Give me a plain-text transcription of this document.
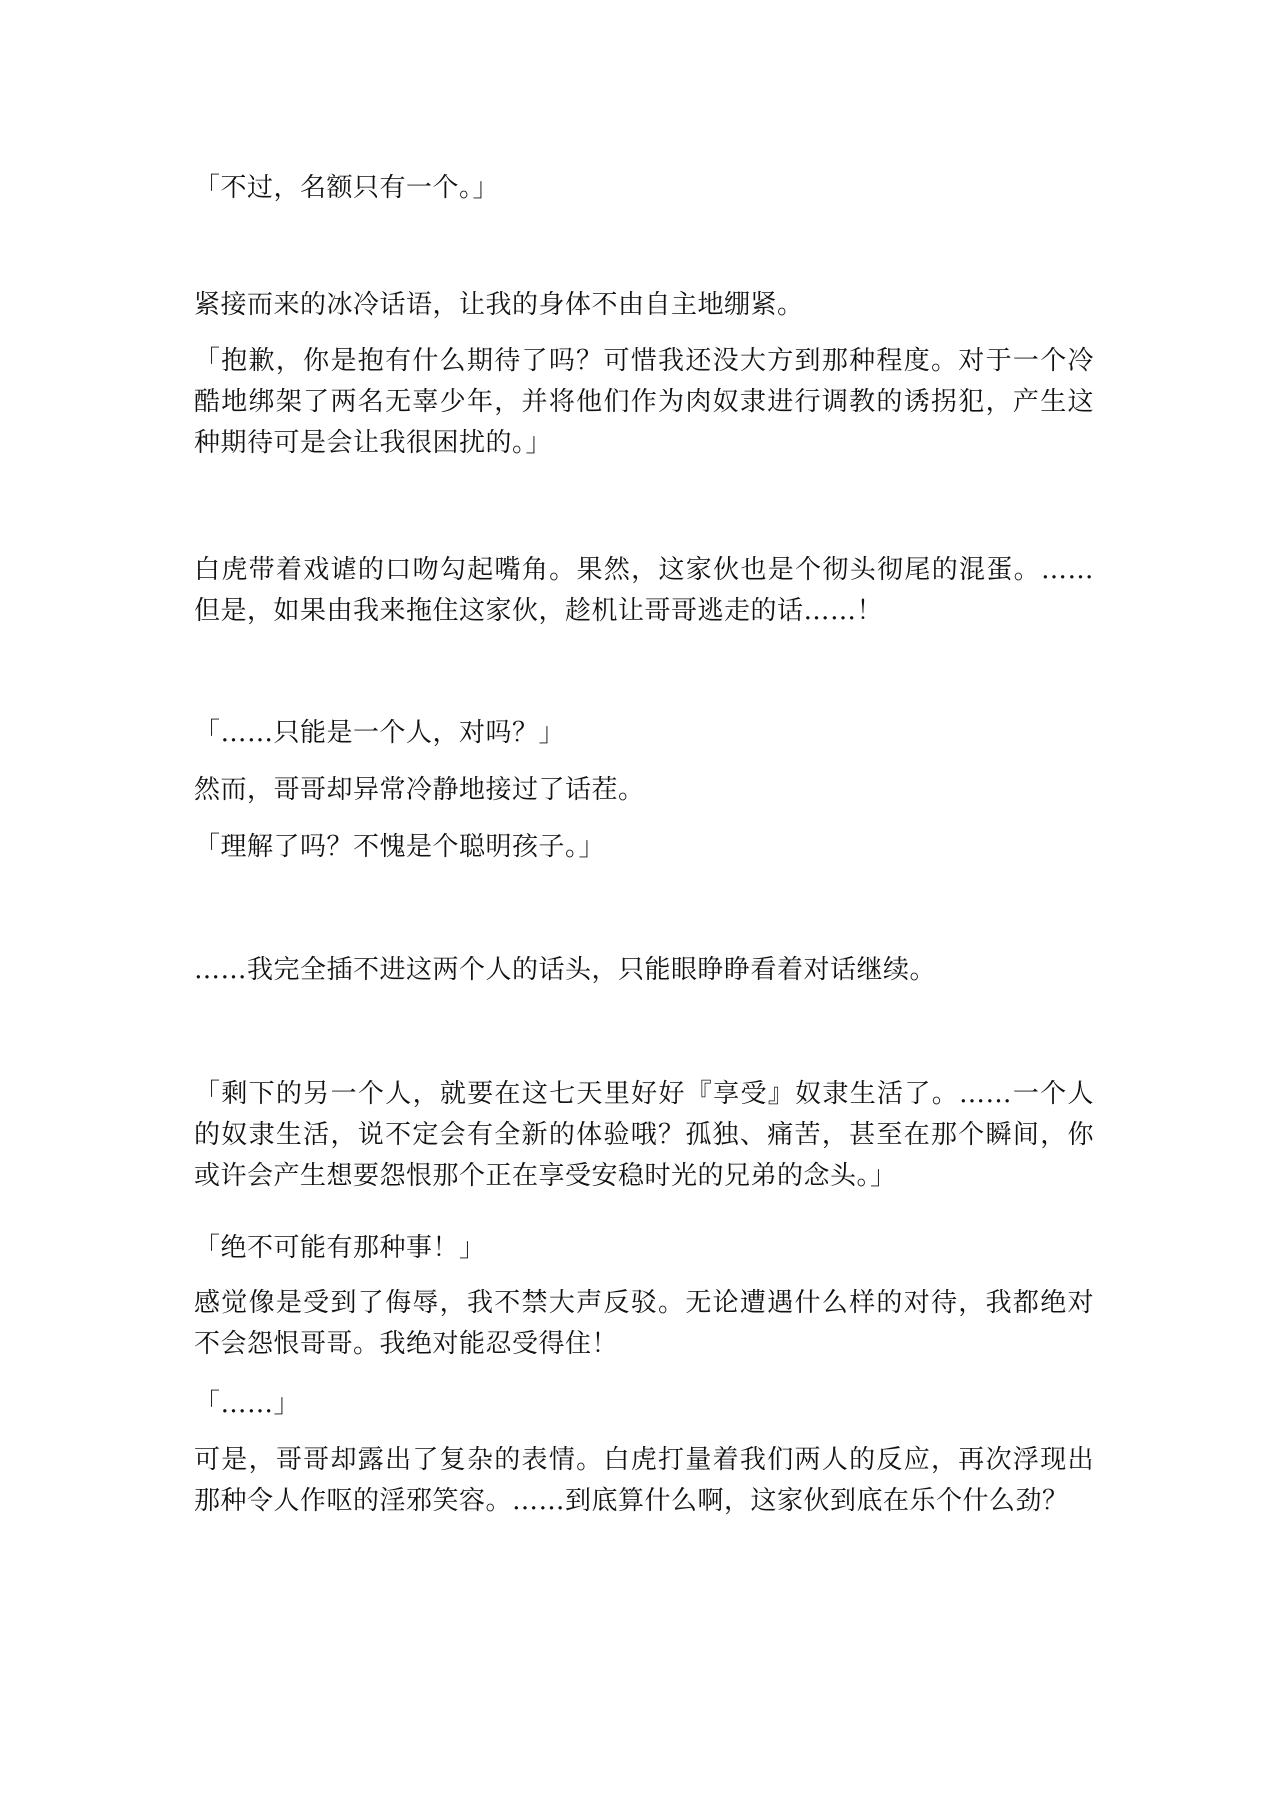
「不过，名额只有一个。」

紧接而来的冰冷话语，让我的身体不由自主地绷紧。

「抱歉，你是抱有什么期待了吗？可惜我还没大方到那种程度。对于一个冷酷地绑架了两名无辜少年，并将他们作为肉奴隶进行调教的诱拐犯，产生这种期待可是会让我很困扰的。」

白虎带着戏谑的口吻勾起嘴角。果然，这家伙也是个彻头彻尾的混蛋。……但是，如果由我来拖住这家伙，趁机让哥哥逃走的话……！

「……只能是一个人，对吗？」

然而，哥哥却异常冷静地接过了话茬。

「理解了吗？不愧是个聪明孩子。」

……我完全插不进这两个人的话头，只能眼睁睁看着对话继续。

「剩下的另一个人，就要在这七天里好好『享受』奴隶生活了。……一个人的奴隶生活，说不定会有全新的体验哦？孤独、痛苦，甚至在那个瞬间，你或许会产生想要怨恨那个正在享受安稳时光的兄弟的念头。」

「绝不可能有那种事！」

感觉像是受到了侮辱，我不禁大声反驳。无论遭遇什么样的对待，我都绝对不会怨恨哥哥。我绝对能忍受得住！

「……」

可是，哥哥却露出了复杂的表情。白虎打量着我们两人的反应，再次浮现出那种令人作呕的淫邪笑容。……到底算什么啊，这家伙到底在乐个什么劲？
